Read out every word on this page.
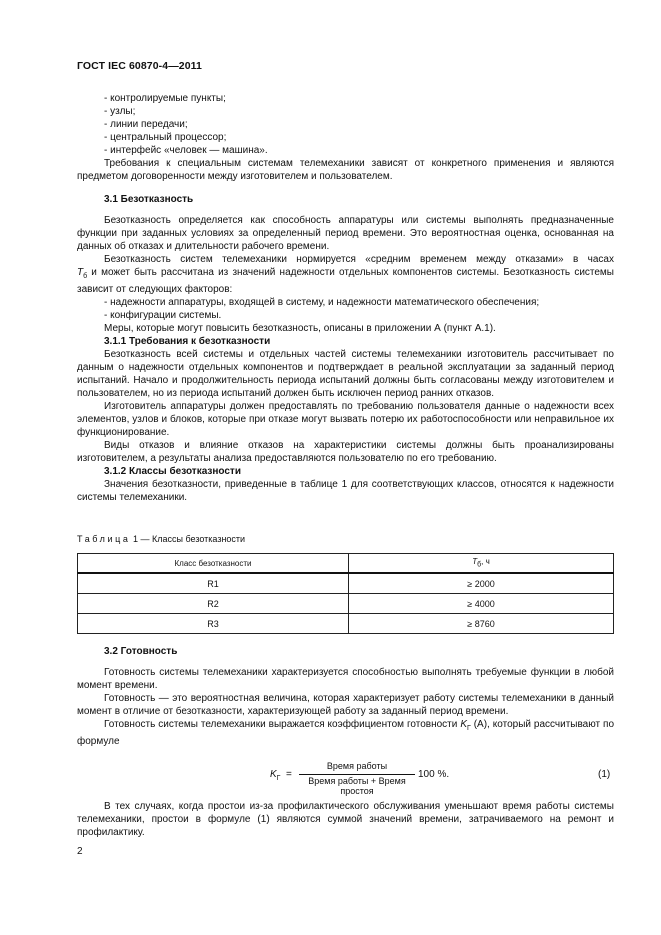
ГОСТ IEC 60870-4—2011

- контролируемые пункты;

- узлы;

- линии передачи;

- центральный процессор;

- интерфейс «человек — машина».

Требования к специальным системам телемеханики зависят от конкретного применения и являются предметом договоренности между изготовителем и пользователем.

3.1 Безотказность

Безотказность определяется как способность аппаратуры или системы выполнять предназначенные функции при заданных условиях за определенный период времени. Это вероятностная оценка, основанная на данных об отказах и длительности рабочего времени.

Безотказность систем телемеханики нормируется «средним временем между отказами» в часах

$T_б$ и может быть рассчитана из значений надежности отдельных компонентов системы. Безотказность системы зависит от следующих факторов:

- надежности аппаратуры, входящей в систему, и надежности математического обеспечения;

- конфигурации системы.

Меры, которые могут повысить безотказность, описаны в приложении А (пункт А.1).

3.1.1 Требования к безотказности

Безотказность всей системы и отдельных частей системы телемеханики изготовитель рассчитывает по данным о надежности отдельных компонентов и подтверждает в реальной эксплуатации за заданный период испытаний. Начало и продолжительность периода испытаний должны быть согласованы между изготовителем и пользователем, но из периода испытаний должен быть исключен период ранних отказов.

Изготовитель аппаратуры должен предоставлять по требованию пользователя данные о надежности всех элементов, узлов и блоков, которые при отказе могут вызвать потерю их работоспособности или неправильное их функционирование.

Виды отказов и влияние отказов на характеристики системы должны быть проанализированы изготовителем, а результаты анализа предоставляются пользователю по его требованию.

3.1.2 Классы безотказности

Значения безотказности, приведенные в таблице 1 для соответствующих классов, относятся к надежности системы телемеханики.

Таблица 1 — Классы безотказности
Класс безотказности	$T_б$, ч
R1	≥ 2000
R2	≥ 4000
R3	≥ 8760

3.2 Готовность

Готовность системы телемеханики характеризуется способностью выполнять требуемые функции в любой момент времени.

Готовность — это вероятностная величина, которая характеризует работу системы телемеханики в данный момент в отличие от безотказности, характеризующей работу за заданный период времени.

Готовность системы телемеханики выражается коэффициентом готовности $K_Г$ (А), который рассчитывают по формуле

$K_Г$ =
Время работы
Время работы + Время простоя
100 %.	(1)

В тех случаях, когда простои из-за профилактического обслуживания уменьшают время работы системы телемеханики, простои в формуле (1) являются суммой значений времени, затрачиваемого на ремонт и профилактику.

2
